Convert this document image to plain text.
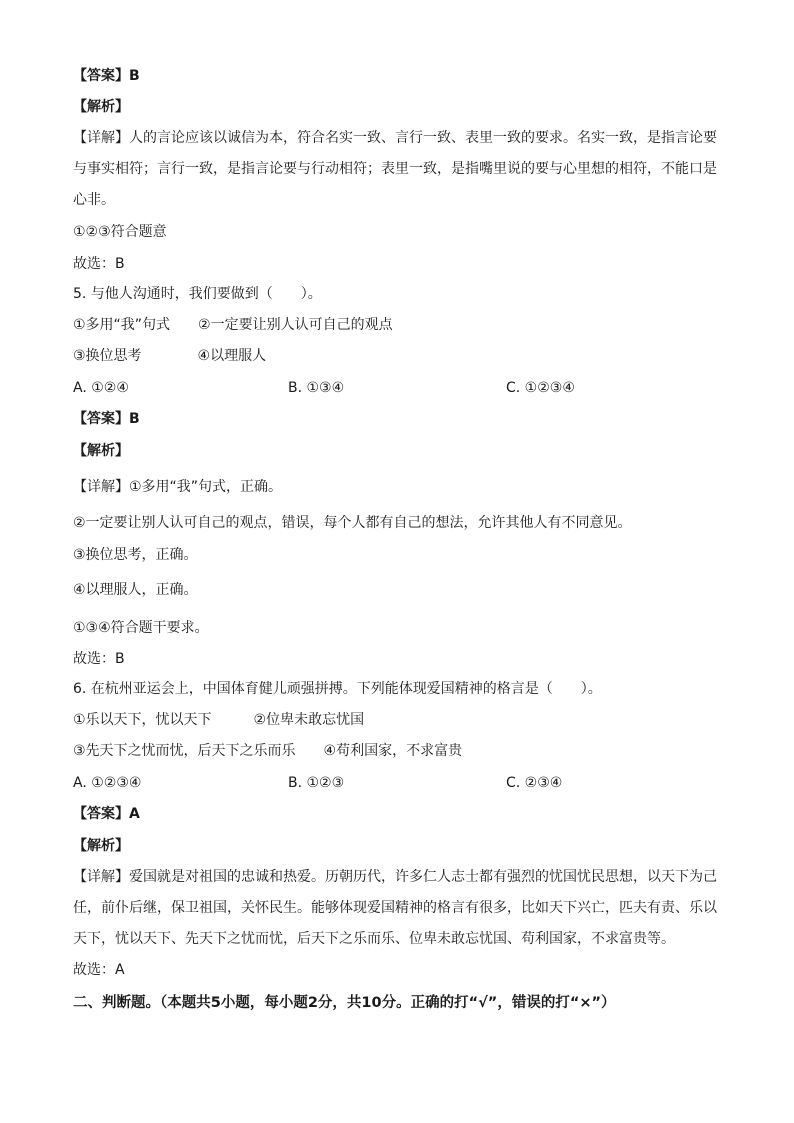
【答案】B
【解析】
【详解】人的言论应该以诚信为本，符合名实一致、言行一致、表里一致的要求。名实一致，是指言论要
与事实相符；言行一致，是指言论要与行动相符；表里一致，是指嘴里说的要与心里想的相符，不能口是
心非。
①②③符合题意
故选：B
5. 与他人沟通时，我们要做到（　　）。
①多用“我”句式　　②一定要让别人认可自己的观点
③换位思考　　　　④以理服人
A. ①②④	B. ①③④	C. ①②③④
【答案】B
【解析】
【详解】①多用“我”句式，正确。
②一定要让别人认可自己的观点，错误，每个人都有自己的想法，允许其他人有不同意见。
③换位思考，正确。
④以理服人，正确。
①③④符合题干要求。
故选：B
6. 在杭州亚运会上，中国体育健儿顽强拼搏。下列能体现爱国精神的格言是（　　）。
①乐以天下，忧以天下　　　②位卑未敢忘忧国
③先天下之忧而忧，后天下之乐而乐　　④苟利国家，不求富贵
A. ①②③④	B. ①②③	C. ②③④
【答案】A
【解析】
【详解】爱国就是对祖国的忠诚和热爱。历朝历代，许多仁人志士都有强烈的忧国忧民思想，以天下为己
任，前仆后继，保卫祖国，关怀民生。能够体现爱国精神的格言有很多，比如天下兴亡，匹夫有责、乐以
天下，忧以天下、先天下之忧而忧，后天下之乐而乐、位卑未敢忘忧国、苟利国家，不求富贵等。
故选：A
二、判断题。（本题共5小题，每小题2分，共10分。正确的打“√”，错误的打“×”）
